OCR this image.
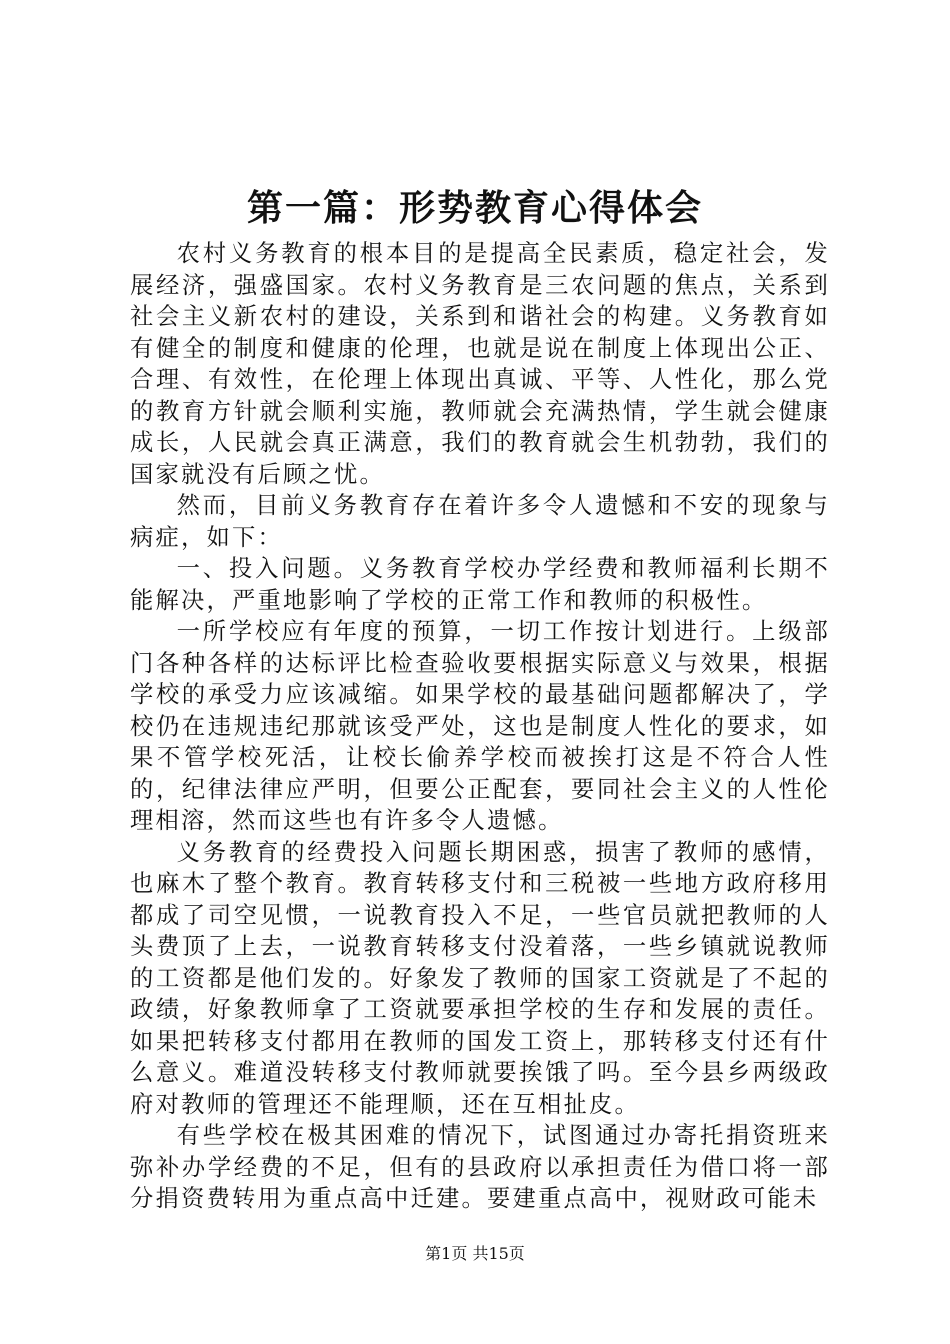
第一篇：形势教育心得体会

农村义务教育的根本目的是提高全民素质，稳定社会，发展经济，强盛国家。农村义务教育是三农问题的焦点，关系到社会主义新农村的建设，关系到和谐社会的构建。义务教育如有健全的制度和健康的伦理，也就是说在制度上体现出公正、合理、有效性，在伦理上体现出真诚、平等、人性化，那么党的教育方针就会顺利实施，教师就会充满热情，学生就会健康成长，人民就会真正满意，我们的教育就会生机勃勃，我们的国家就没有后顾之忧。

然而，目前义务教育存在着许多令人遗憾和不安的现象与病症，如下：

一、投入问题。义务教育学校办学经费和教师福利长期不能解决，严重地影响了学校的正常工作和教师的积极性。

一所学校应有年度的预算，一切工作按计划进行。上级部门各种各样的达标评比检查验收要根据实际意义与效果，根据学校的承受力应该减缩。如果学校的最基础问题都解决了，学校仍在违规违纪那就该受严处，这也是制度人性化的要求，如果不管学校死活，让校长偷养学校而被挨打这是不符合人性的，纪律法律应严明，但要公正配套，要同社会主义的人性伦理相溶，然而这些也有许多令人遗憾。

义务教育的经费投入问题长期困惑，损害了教师的感情，也麻木了整个教育。教育转移支付和三税被一些地方政府移用都成了司空见惯，一说教育投入不足，一些官员就把教师的人头费顶了上去，一说教育转移支付没着落，一些乡镇就说教师的工资都是他们发的。好象发了教师的国家工资就是了不起的政绩，好象教师拿了工资就要承担学校的生存和发展的责任。如果把转移支付都用在教师的国发工资上，那转移支付还有什么意义。难道没转移支付教师就要挨饿了吗。至今县乡两级政府对教师的管理还不能理顺，还在互相扯皮。

有些学校在极其困难的情况下，试图通过办寄托捐资班来弥补办学经费的不足，但有的县政府以承担责任为借口将一部分捐资费转用为重点高中迁建。要建重点高中，视财政可能未

第1页 共15页
